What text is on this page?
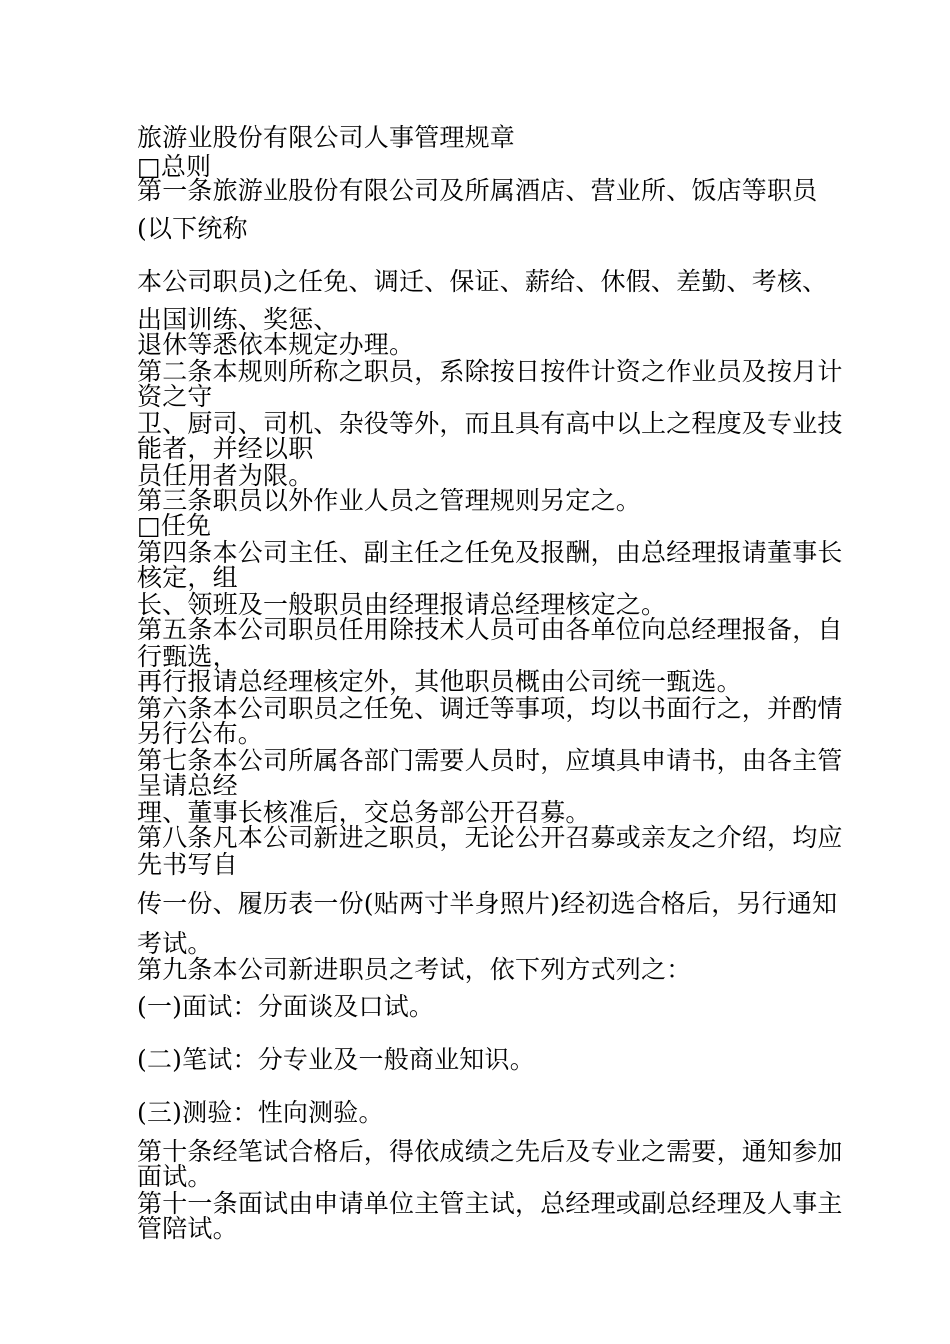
旅游业股份有限公司人事管理规章
□总则
第一条旅游业股份有限公司及所属酒店、营业所、饭店等职员
(以下统称
本公司职员)之任免、调迁、保证、薪给、休假、差勤、考核、
出国训练、奖惩、
退休等悉依本规定办理。
第二条本规则所称之职员，系除按日按件计资之作业员及按月计
资之守
卫、厨司、司机、杂役等外，而且具有高中以上之程度及专业技
能者，并经以职
员任用者为限。
第三条职员以外作业人员之管理规则另定之。
□任免
第四条本公司主任、副主任之任免及报酬，由总经理报请董事长
核定，组
长、领班及一般职员由经理报请总经理核定之。
第五条本公司职员任用除技术人员可由各单位向总经理报备，自
行甄选，
再行报请总经理核定外，其他职员概由公司统一甄选。
第六条本公司职员之任免、调迁等事项，均以书面行之，并酌情
另行公布。
第七条本公司所属各部门需要人员时，应填具申请书，由各主管
呈请总经
理、董事长核准后，交总务部公开召募。
第八条凡本公司新进之职员，无论公开召募或亲友之介绍，均应
先书写自
传一份、履历表一份(贴两寸半身照片)经初选合格后，另行通知
考试。
第九条本公司新进职员之考试，依下列方式列之：
(一)面试：分面谈及口试。
(二)笔试：分专业及一般商业知识。
(三)测验：性向测验。
第十条经笔试合格后，得依成绩之先后及专业之需要，通知参加
面试。
第十一条面试由申请单位主管主试，总经理或副总经理及人事主
管陪试。
